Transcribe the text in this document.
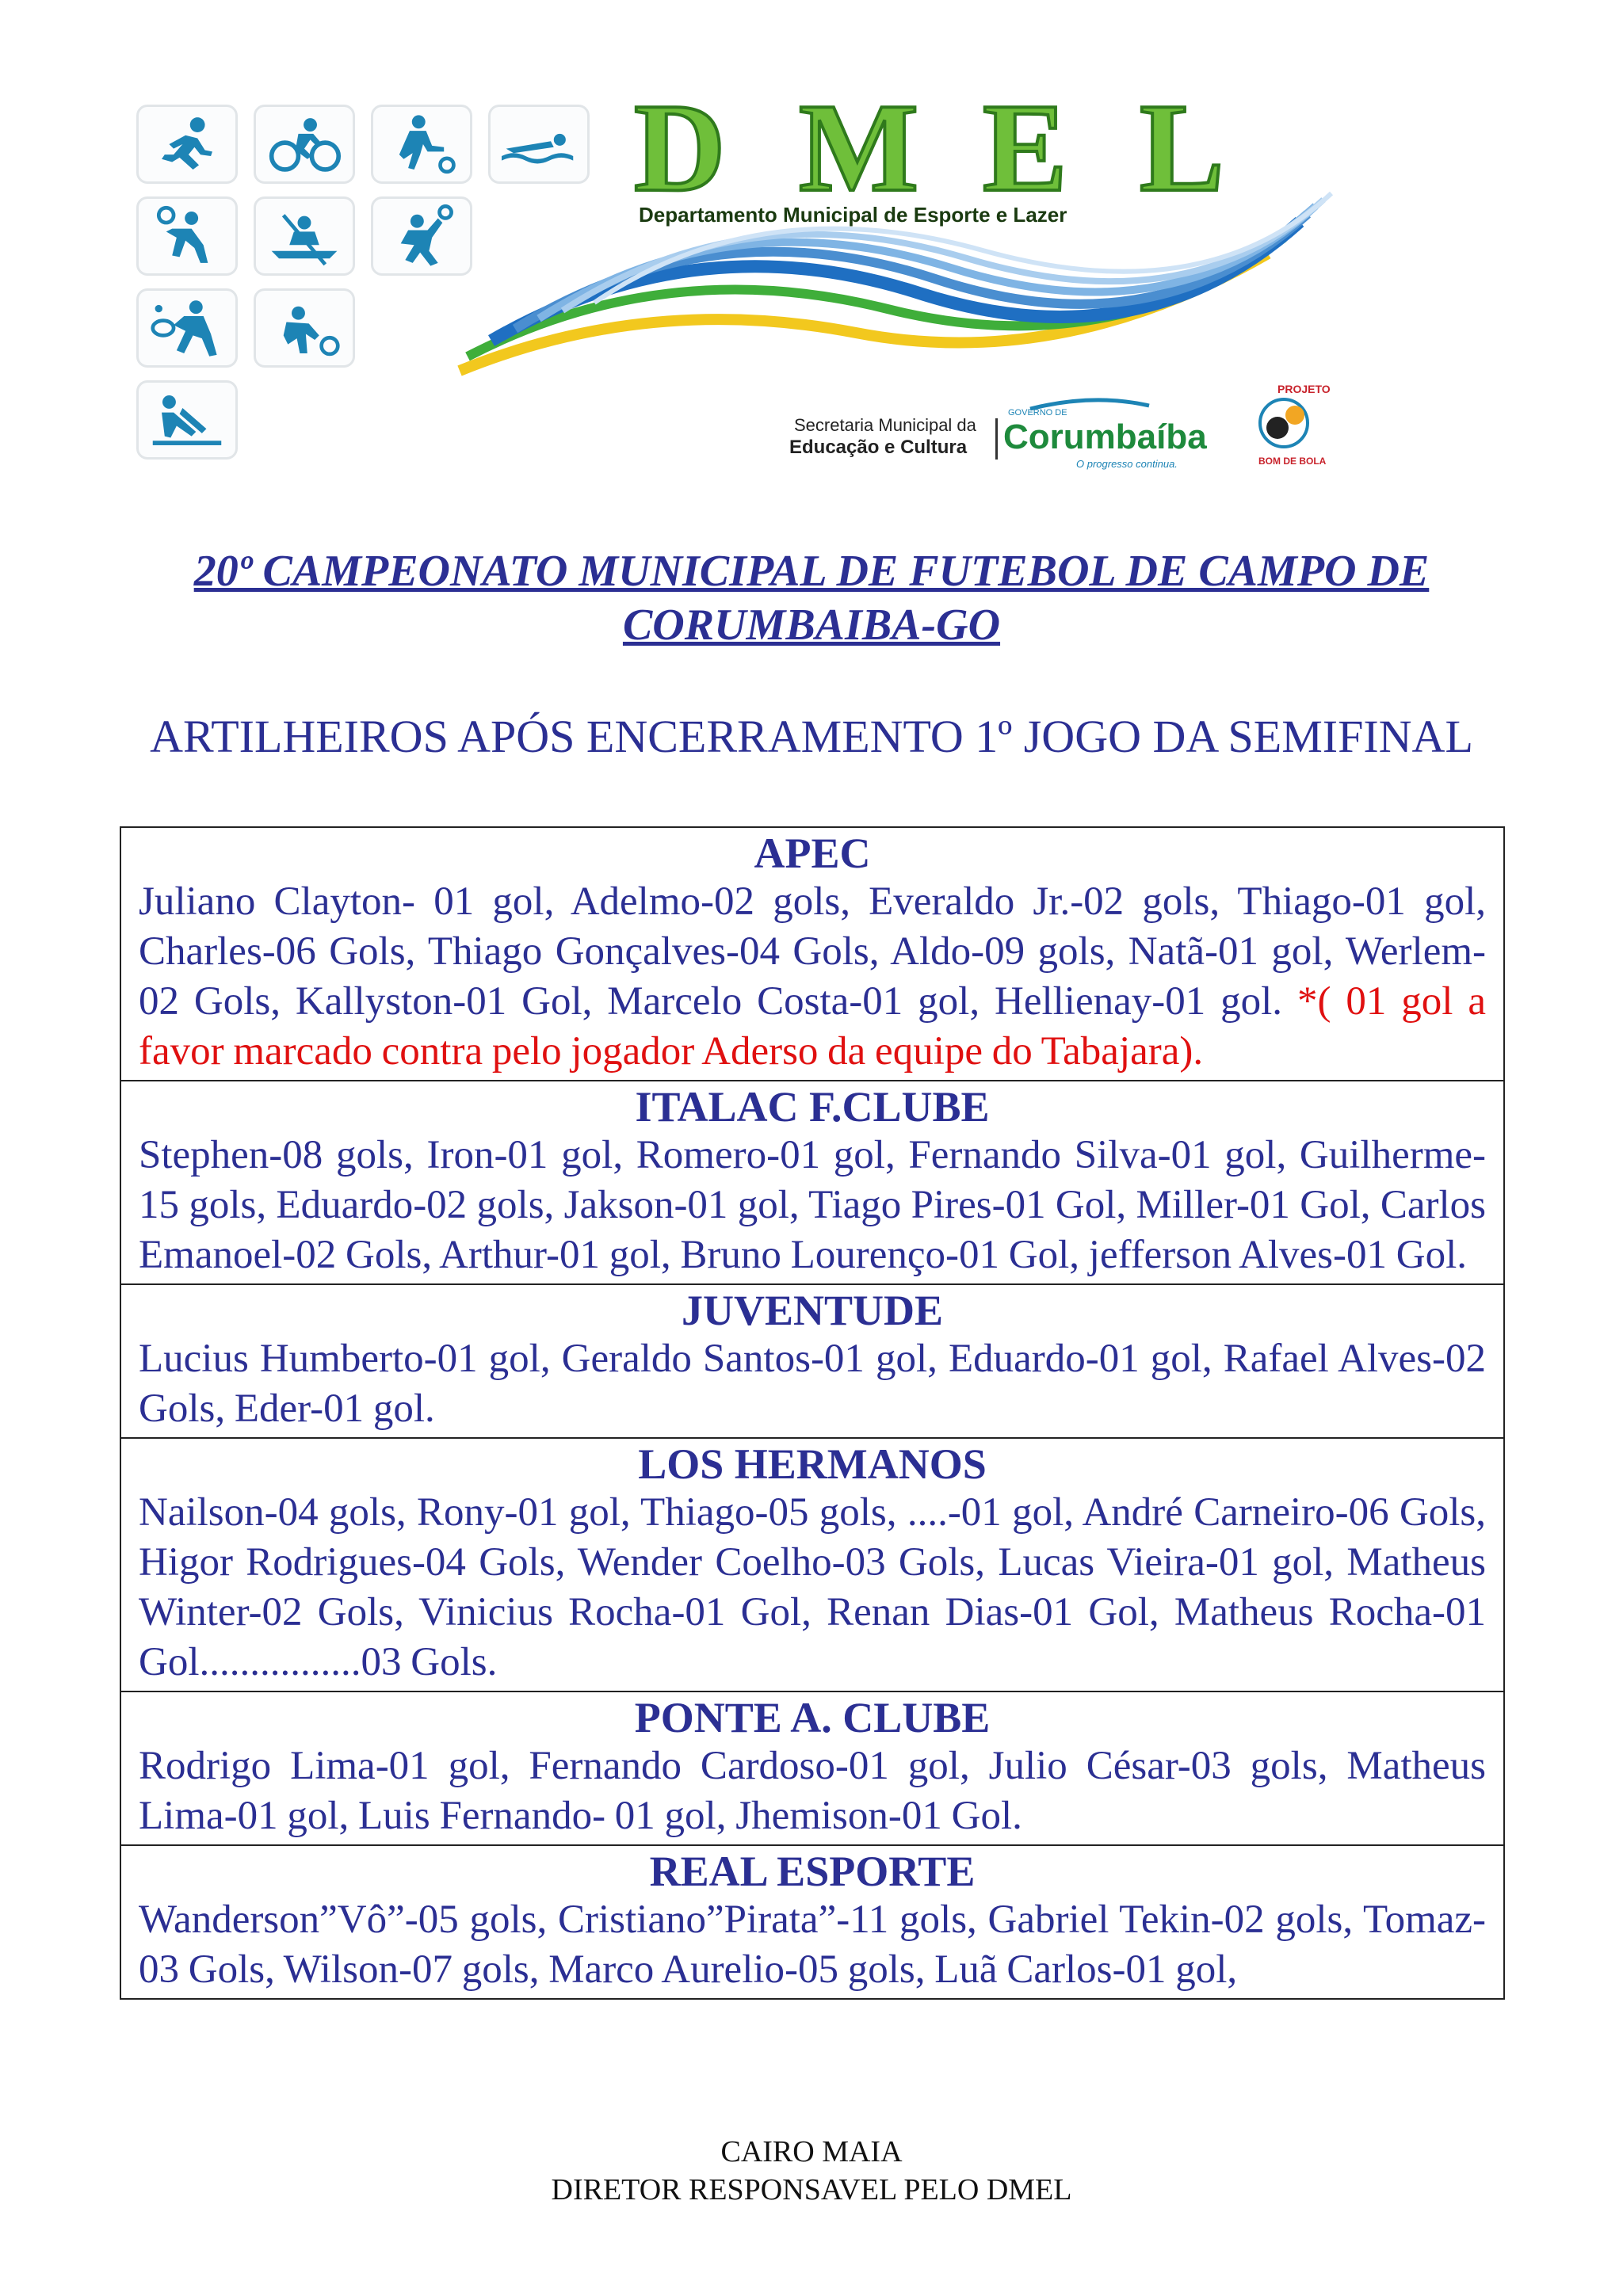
D M E L
Departamento Municipal de Esporte e Lazer
Secretaria Municipal da
Educação e Cultura
GOVERNO DE
Corumbaíba
O progresso continua.
PROJETO
BOM DE BOLA

20º CAMPEONATO MUNICIPAL DE FUTEBOL DE CAMPO DE

CORUMBAIBA-GO

ARTILHEIROS APÓS ENCERRAMENTO 1º JOGO DA SEMIFINAL

APEC
Juliano Clayton- 01 gol, Adelmo-02 gols, Everaldo Jr.-02 gols, Thiago-01 gol, Charles-06 Gols, Thiago Gonçalves-04 Gols, Aldo-09 gols, Natã-01 gol, Werlem-02 Gols, Kallyston-01 Gol, Marcelo Costa-01 gol, Hellienay-01 gol. *( 01 gol a favor marcado contra pelo jogador Aderso da equipe do Tabajara).

ITALAC F.CLUBE
Stephen-08 gols, Iron-01 gol, Romero-01 gol, Fernando Silva-01 gol, Guilherme-15 gols, Eduardo-02 gols, Jakson-01 gol, Tiago Pires-01 Gol, Miller-01 Gol, Carlos Emanoel-02 Gols, Arthur-01 gol, Bruno Lourenço-01 Gol, jefferson Alves-01 Gol.

JUVENTUDE
Lucius Humberto-01 gol, Geraldo Santos-01 gol, Eduardo-01 gol, Rafael Alves-02 Gols, Eder-01 gol.

LOS HERMANOS
Nailson-04 gols, Rony-01 gol, Thiago-05 gols, ....-01 gol, André Carneiro-06 Gols, Higor Rodrigues-04 Gols, Wender Coelho-03 Gols, Lucas Vieira-01 gol, Matheus Winter-02 Gols, Vinicius Rocha-01 Gol, Renan Dias-01 Gol, Matheus Rocha-01 Gol................03 Gols.

PONTE A. CLUBE
Rodrigo Lima-01 gol, Fernando Cardoso-01 gol, Julio César-03 gols, Matheus Lima-01 gol, Luis Fernando- 01 gol, Jhemison-01 Gol.

REAL ESPORTE
Wanderson”Vô”-05 gols, Cristiano”Pirata”-11 gols, Gabriel Tekin-02 gols, Tomaz-03 Gols, Wilson-07 gols, Marco Aurelio-05 gols, Luã Carlos-01 gol,
CAIRO MAIA
DIRETOR RESPONSAVEL PELO DMEL
